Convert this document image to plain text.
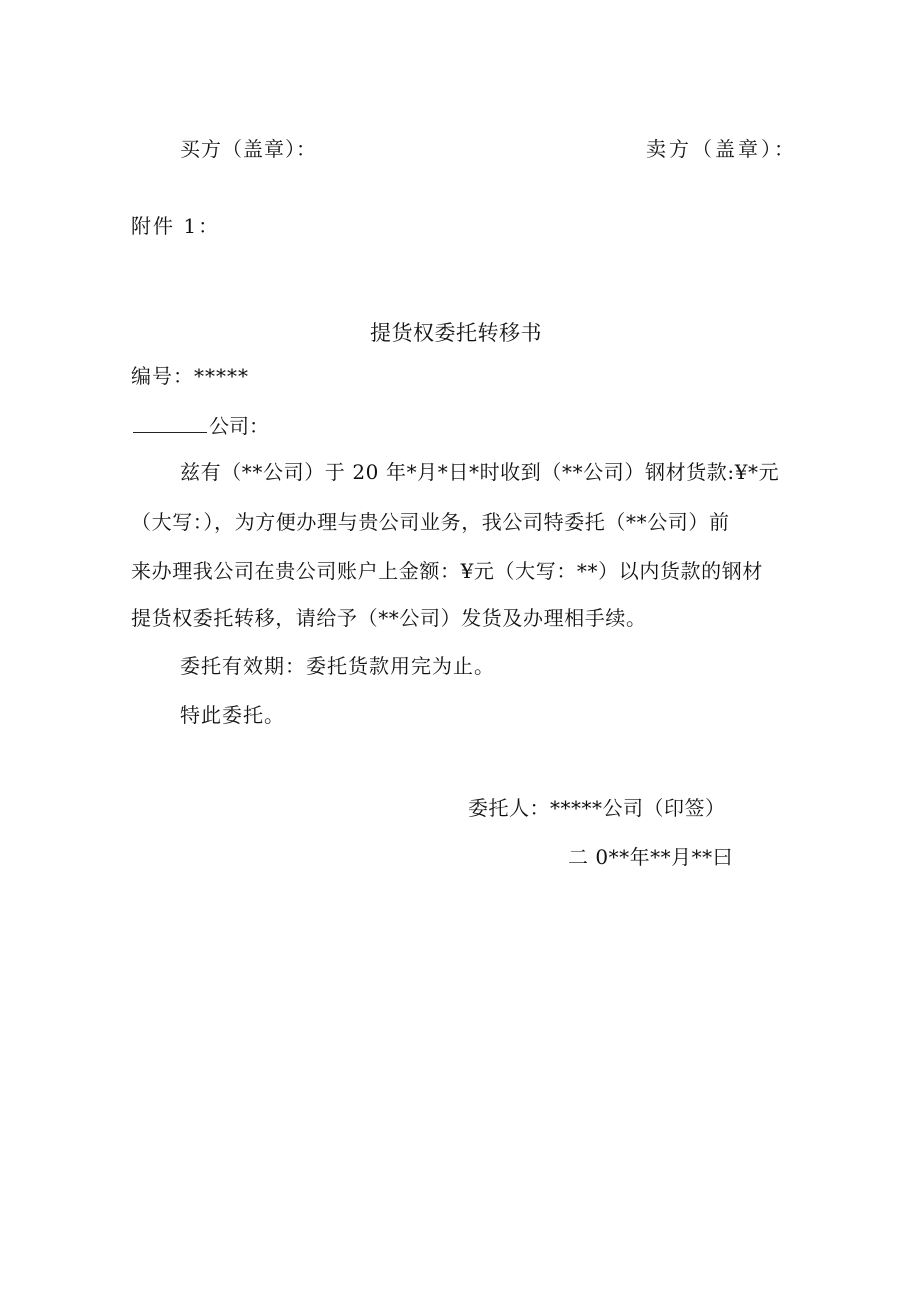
买方（盖章）：	卖方（盖章）：
附件 1：
提货权委托转移书
编号：*****
公司：
兹有（**公司）于 20 年*月*日*时收到（**公司）钢材货款:¥*元
（大写：），为方便办理与贵公司业务，我公司特委托（**公司）前
来办理我公司在贵公司账户上金额：¥元（大写：**）以内货款的钢材
提货权委托转移，请给予（**公司）发货及办理相手续。
委托有效期：委托货款用完为止。
特此委托。
委托人：*****公司（印签）
二 0**年**月**曰
